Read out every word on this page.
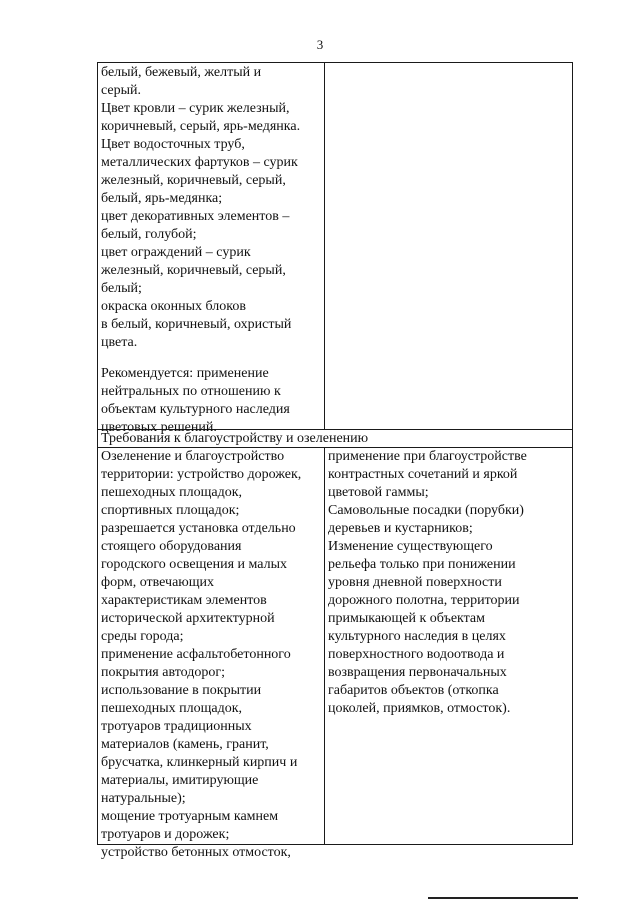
3
белый, бежевый, желтый и
серый.
Цвет кровли – сурик железный,
коричневый, серый, ярь-медянка.
Цвет водосточных труб,
металлических фартуков – сурик
железный, коричневый, серый,
белый, ярь-медянка;
цвет декоративных элементов –
белый, голубой;
цвет ограждений – сурик
железный, коричневый, серый,
белый;
окраска оконных блоков
в белый, коричневый, охристый
цвета.
Рекомендуется: применение
нейтральных по отношению к
объектам культурного наследия
цветовых решений.
Требования к благоустройству и озеленению
Озеленение и благоустройство
территории: устройство дорожек,
пешеходных площадок,
спортивных площадок;
разрешается установка отдельно
стоящего оборудования
городского освещения и малых
форм, отвечающих
характеристикам элементов
исторической архитектурной
среды города;
применение асфальтобетонного
покрытия автодорог;
использование в покрытии
пешеходных площадок,
тротуаров традиционных
материалов (камень, гранит,
брусчатка, клинкерный кирпич и
материалы, имитирующие
натуральные);
мощение тротуарным камнем
тротуаров и дорожек;
устройство бетонных отмосток,
применение при благоустройстве
контрастных сочетаний и яркой
цветовой гаммы;
Самовольные посадки (порубки)
деревьев и кустарников;
Изменение существующего
рельефа только при понижении
уровня дневной поверхности
дорожного полотна, территории
примыкающей к объектам
культурного наследия в целях
поверхностного водоотвода и
возвращения первоначальных
габаритов объектов (откопка
цоколей, приямков, отмосток).
